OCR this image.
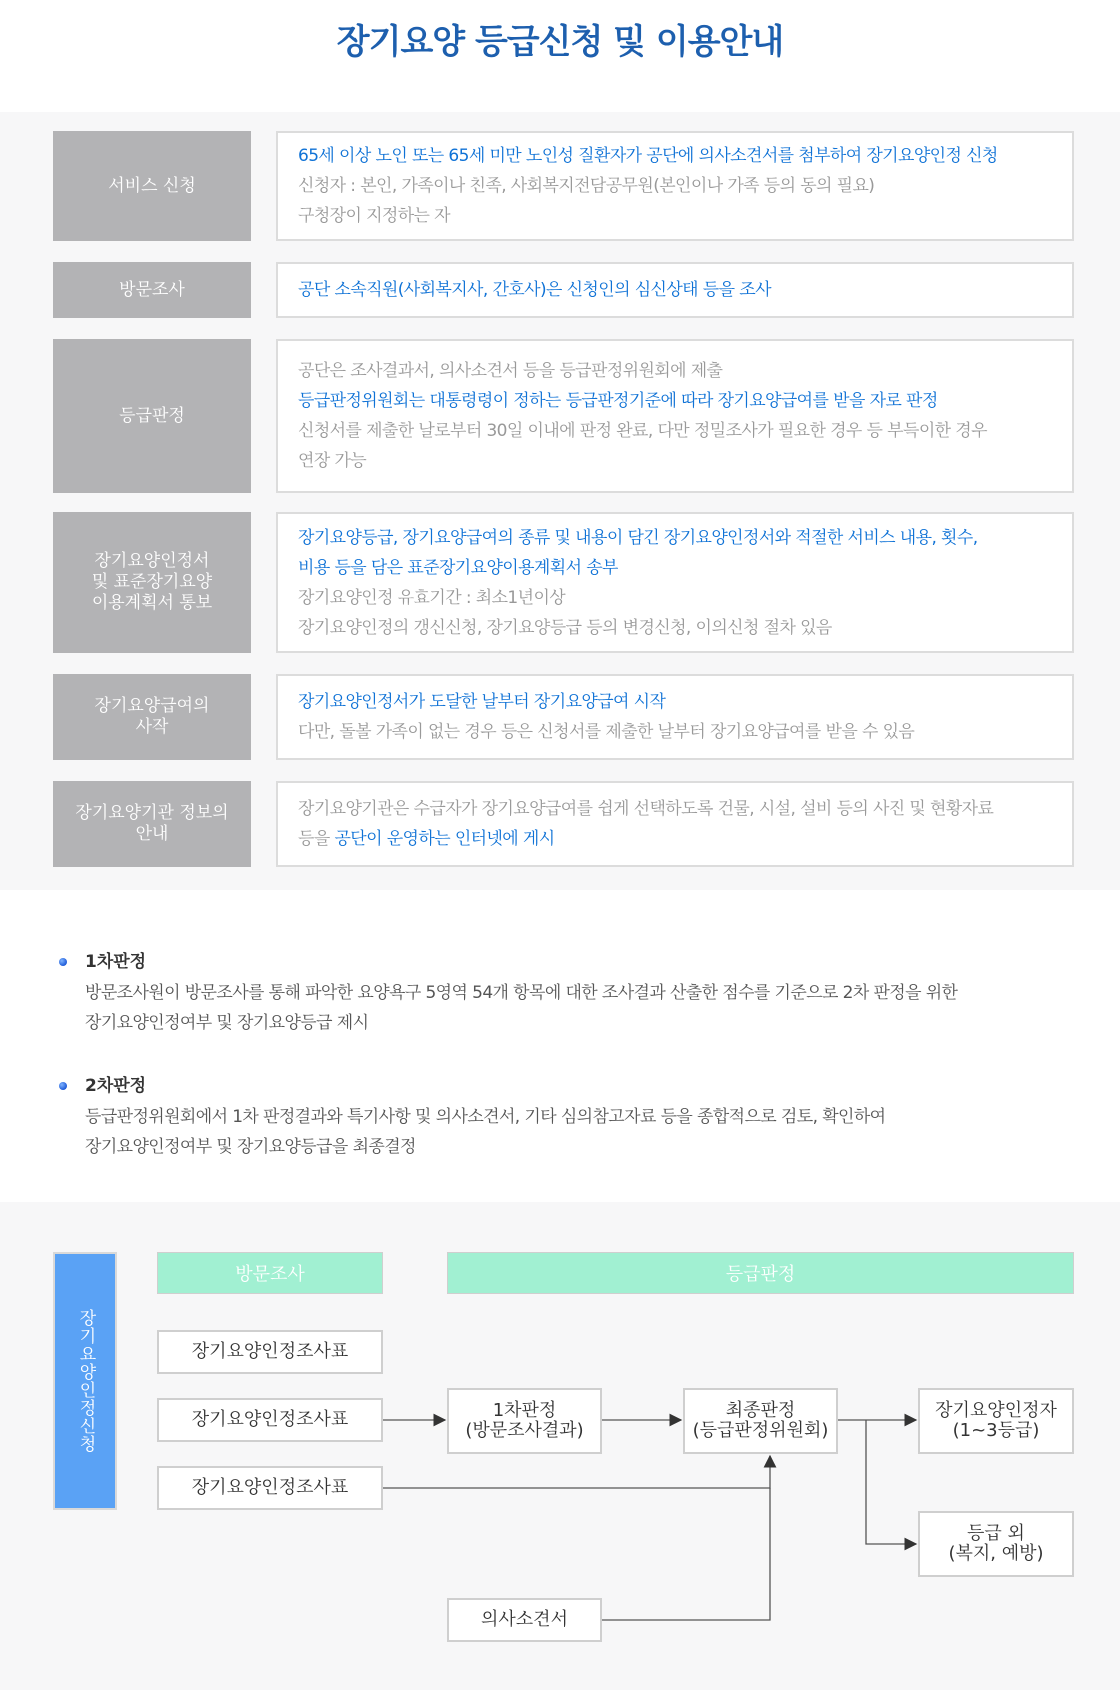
장기요양 등급신청 및 이용안내
서비스 신청
65세 이상 노인 또는 65세 미만 노인성 질환자가 공단에 의사소견서를 첨부하여 장기요양인정 신청
신청자 : 본인, 가족이나 친족, 사회복지전담공무원(본인이나 가족 등의 동의 필요)
구청장이 지정하는 자
방문조사	공단 소속직원(사회복지사, 간호사)은 신청인의 심신상태 등을 조사
등급판정
공단은 조사결과서, 의사소견서 등을 등급판정위원회에 제출
등급판정위원회는 대통령령이 정하는 등급판정기준에 따라 장기요양급여를 받을 자로 판정
신청서를 제출한 날로부터 30일 이내에 판정 완료, 다만 정밀조사가 필요한 경우 등 부득이한 경우
연장 가능
장기요양인정서
및 표준장기요양
이용계획서 통보
장기요양등급, 장기요양급여의 종류 및 내용이 담긴 장기요양인정서와 적절한 서비스 내용, 횟수,
비용 등을 담은 표준장기요양이용계획서 송부
장기요양인정 유효기간 : 최소1년이상
장기요양인정의 갱신신청, 장기요양등급 등의 변경신청, 이의신청 절차 있음
장기요양급여의
사작
장기요양인정서가 도달한 날부터 장기요양급여 시작
다만, 돌볼 가족이 없는 경우 등은 신청서를 제출한 날부터 장기요양급여를 받을 수 있음
장기요양기관 정보의
안내
장기요양기관은 수급자가 장기요양급여를 쉽게 선택하도록 건물, 시설, 설비 등의 사진 및 현황자료
등을 공단이 운영하는 인터넷에 게시
1차판정
방문조사원이 방문조사를 통해 파악한 요양욕구 5영역 54개 항목에 대한 조사결과 산출한 점수를 기준으로 2차 판정을 위한
장기요양인정여부 및 장기요양등급 제시
2차판정
등급판정위원회에서 1차 판정결과와 특기사항 및 의사소견서, 기타 심의참고자료 등을 종합적으로 검토, 확인하여
장기요양인정여부 및 장기요양등급을 최종결정
장기요양인정신청
방문조사	등급판정
장기요양인정조사표
장기요양인정조사표
장기요양인정조사표
1차판정
(방문조사결과)
최종판정
(등급판정위원회)
장기요양인정자
(1~3등급)
등급 외
(복지, 예방)
의사소견서
